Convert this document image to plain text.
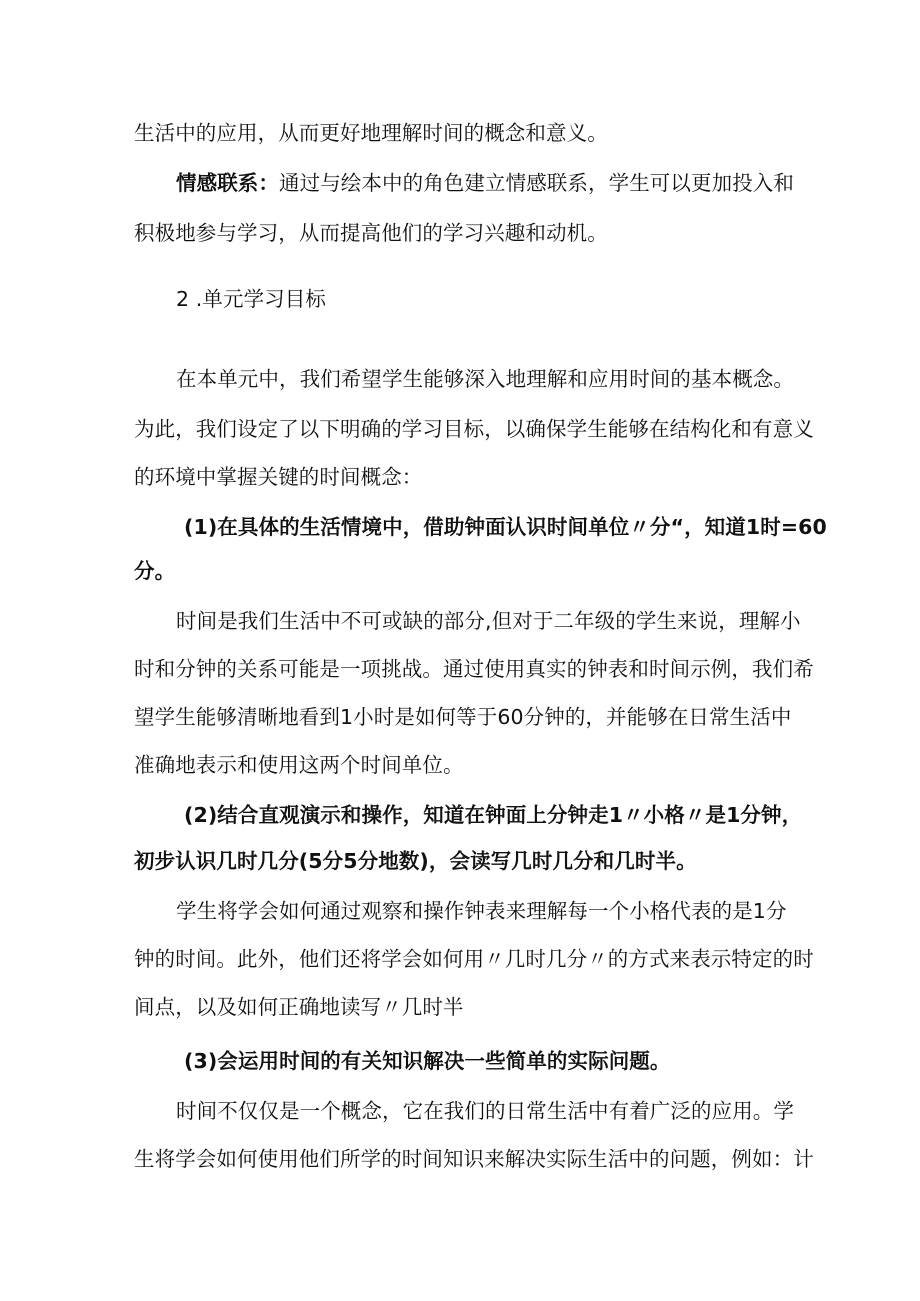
生活中的应用，从而更好地理解时间的概念和意义。
情感联系：通过与绘本中的角色建立情感联系，学生可以更加投入和
积极地参与学习，从而提高他们的学习兴趣和动机。
2 .单元学习目标
在本单元中，我们希望学生能够深入地理解和应用时间的基本概念。
为此，我们设定了以下明确的学习目标，以确保学生能够在结构化和有意义
的环境中掌握关键的时间概念：
(1)在具体的生活情境中，借助钟面认识时间单位〃分“，知道1时=60
分。
时间是我们生活中不可或缺的部分,但对于二年级的学生来说，理解小
时和分钟的关系可能是一项挑战。通过使用真实的钟表和时间示例，我们希
望学生能够清晰地看到1小时是如何等于60分钟的，并能够在日常生活中
准确地表示和使用这两个时间单位。
(2)结合直观演示和操作，知道在钟面上分钟走1〃小格〃是1分钟，
初步认识几时几分(5分5分地数)，会读写几时几分和几时半。
学生将学会如何通过观察和操作钟表来理解每一个小格代表的是1分
钟的时间。此外，他们还将学会如何用〃几时几分〃的方式来表示特定的时
间点，以及如何正确地读写〃几时半
(3)会运用时间的有关知识解决一些简单的实际问题。
时间不仅仅是一个概念，它在我们的日常生活中有着广泛的应用。学
生将学会如何使用他们所学的时间知识来解决实际生活中的问题，例如：计
